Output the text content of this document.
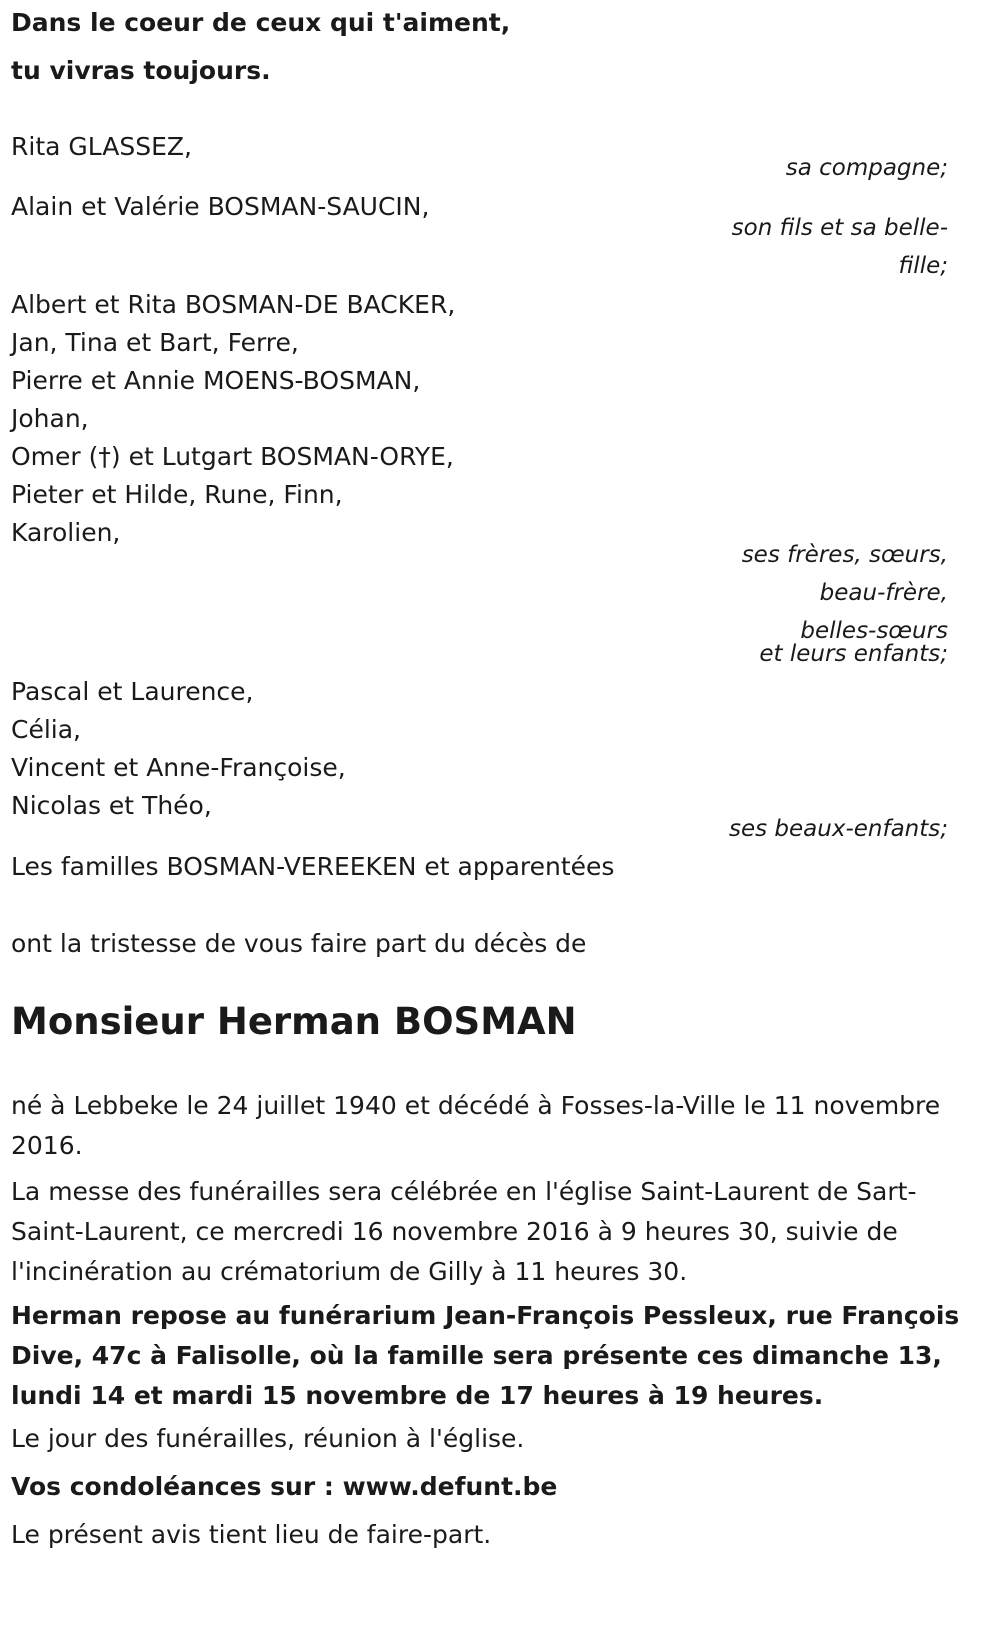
Dans le coeur de ceux qui t'aiment,
tu vivras toujours.
Rita GLASSEZ,
sa compagne;
Alain et Valérie BOSMAN-SAUCIN,
son fils et sa belle-
fille;
Albert et Rita BOSMAN-DE BACKER,
Jan, Tina et Bart, Ferre,
Pierre et Annie MOENS-BOSMAN,
Johan,
Omer (†) et Lutgart BOSMAN-ORYE,
Pieter et Hilde, Rune, Finn,
Karolien,
ses frères, sœurs,
beau-frère,
belles-sœurs
et leurs enfants;
Pascal et Laurence,
Célia,
Vincent et Anne-Françoise,
Nicolas et Théo,
ses beaux-enfants;
Les familles BOSMAN-VEREEKEN et apparentées
ont la tristesse de vous faire part du décès de
Monsieur Herman BOSMAN
né à Lebbeke le 24 juillet 1940 et décédé à Fosses-la-Ville le 11 novembre 2016.
La messe des funérailles sera célébrée en l'église Saint-Laurent de Sart-Saint-Laurent, ce mercredi 16 novembre 2016 à 9 heures 30, suivie de l'incinération au crématorium de Gilly à 11 heures 30.
Herman repose au funérarium Jean-François Pessleux, rue François Dive, 47c à Falisolle, où la famille sera présente ces dimanche 13, lundi 14 et mardi 15 novembre de 17 heures à 19 heures.
Le jour des funérailles, réunion à l'église.
Vos condoléances sur : www.defunt.be
Le présent avis tient lieu de faire-part.
